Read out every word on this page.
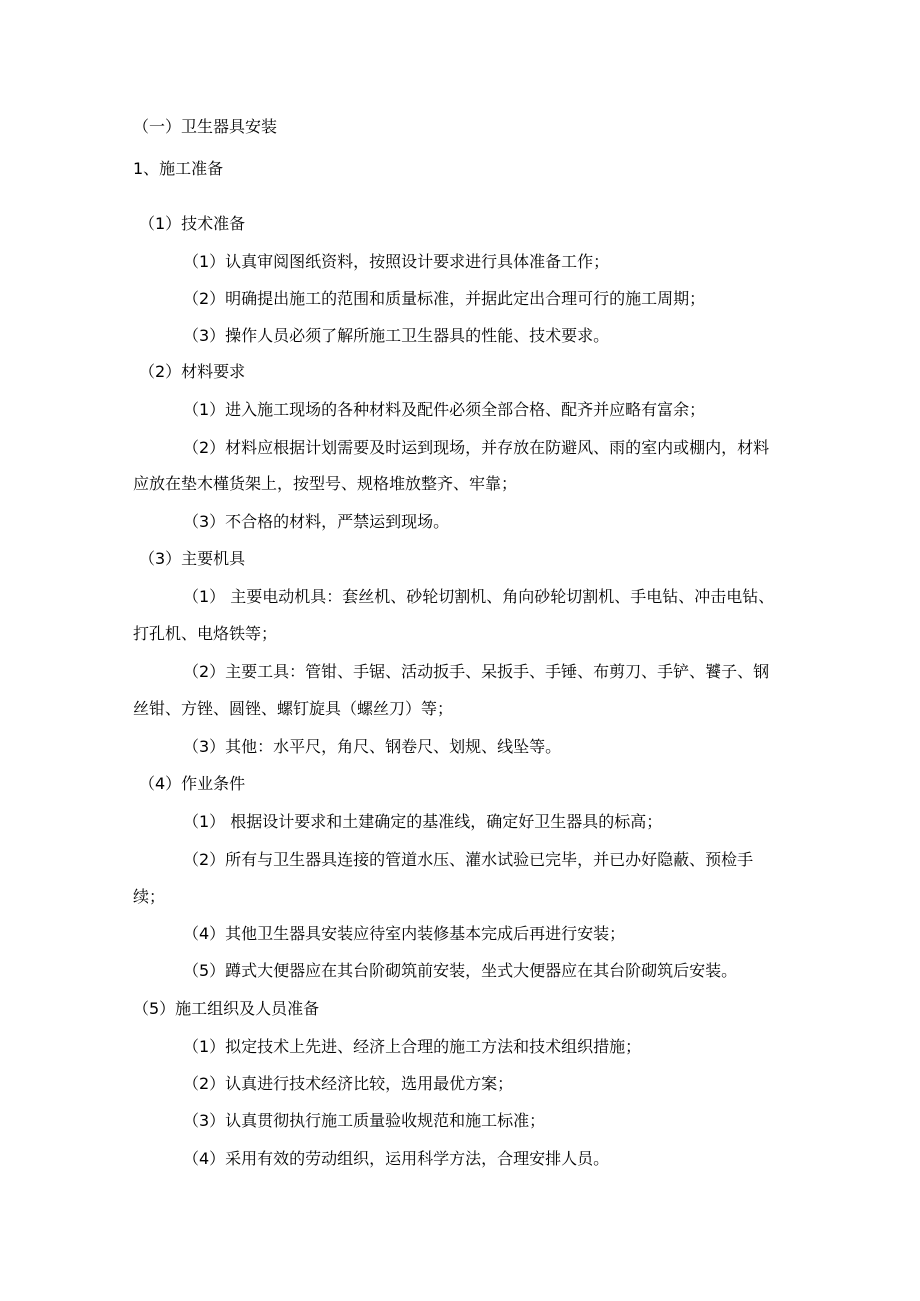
（一）卫生器具安装
1、施工准备
（1）技术准备
（1）认真审阅图纸资料，按照设计要求进行具体准备工作；
（2）明确提出施工的范围和质量标准，并据此定出合理可行的施工周期；
（3）操作人员必须了解所施工卫生器具的性能、技术要求。
（2）材料要求
（1）进入施工现场的各种材料及配件必须全部合格、配齐并应略有富余；
（2）材料应根据计划需要及时运到现场，并存放在防避风、雨的室内或棚内，材料
应放在垫木槿货架上，按型号、规格堆放整齐、牢靠；
（3）不合格的材料，严禁运到现场。
（3）主要机具
（1） 主要电动机具：套丝机、砂轮切割机、角向砂轮切割机、手电钻、冲击电钻、
打孔机、电烙铁等；
（2）主要工具：管钳、手锯、活动扳手、呆扳手、手锤、布剪刀、手铲、饕子、钢
丝钳、方锉、圆锉、螺钉旋具（螺丝刀）等；
（3）其他：水平尺，角尺、钢卷尺、划规、线坠等。
（4）作业条件
（1） 根据设计要求和土建确定的基准线，确定好卫生器具的标高；
（2）所有与卫生器具连接的管道水压、灌水试验已完毕，并已办好隐蔽、预检手
续；
（4）其他卫生器具安装应待室内装修基本完成后再进行安装；
（5）蹲式大便器应在其台阶砌筑前安装，坐式大便器应在其台阶砌筑后安装。
（5）施工组织及人员准备
（1）拟定技术上先进、经济上合理的施工方法和技术组织措施；
（2）认真进行技术经济比较，选用最优方案；
（3）认真贯彻执行施工质量验收规范和施工标准；
（4）采用有效的劳动组织，运用科学方法，合理安排人员。
